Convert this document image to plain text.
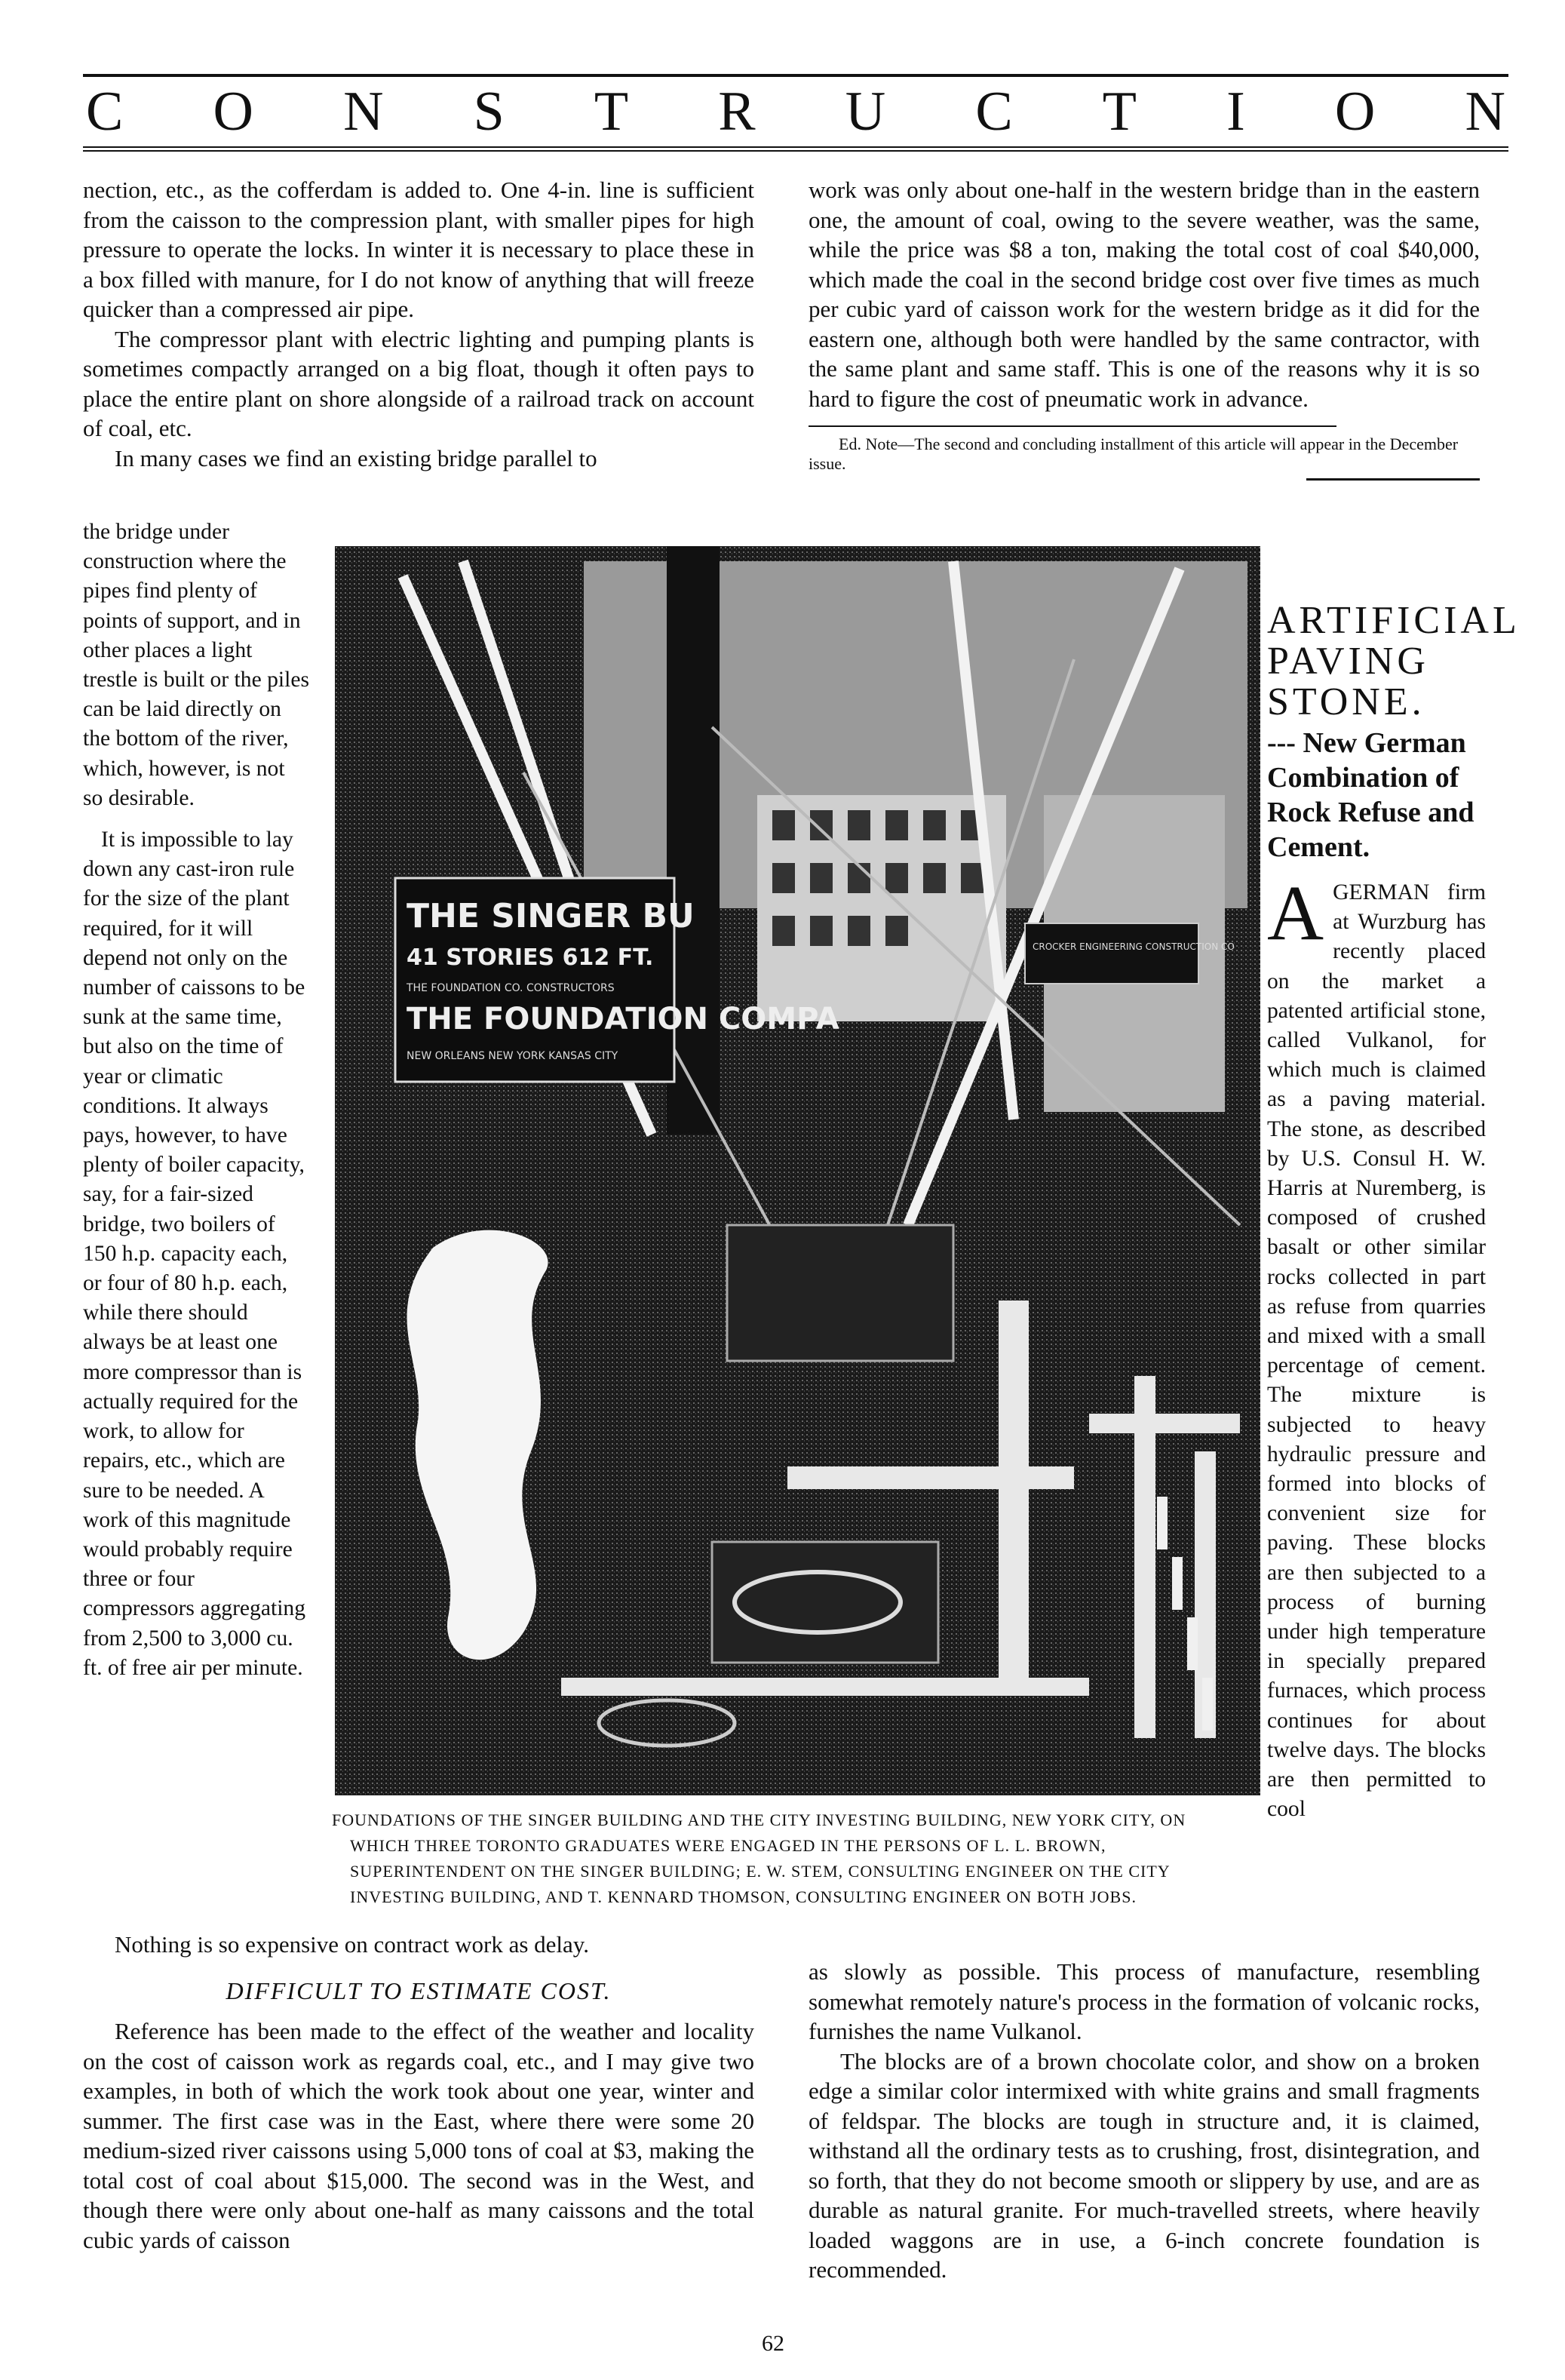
C O N S T R U C T I O N

nection, etc., as the cofferdam is added to. One 4-in. line is sufficient from the caisson to the compression plant, with smaller pipes for high pressure to operate the locks. In winter it is necessary to place these in a box filled with manure, for I do not know of anything that will freeze quicker than a compressed air pipe.

The compressor plant with electric lighting and pumping plants is sometimes compactly arranged on a big float, though it often pays to place the entire plant on shore alongside of a railroad track on account of coal, etc.

In many cases we find an existing bridge parallel to

the bridge under construction where the pipes find plenty of points of support, and in other places a light trestle is built or the piles can be laid directly on the bottom of the river, which, however, is not so desirable.

It is impossible to lay down any cast-iron rule for the size of the plant required, for it will depend not only on the number of caissons to be sunk at the same time, but also on the time of year or climatic conditions. It always pays, however, to have plenty of boiler capacity, say, for a fair-sized bridge, two boilers of 150 h.p. capacity each, or four of 80 h.p. each, while there should always be at least one more compressor than is actually required for the work, to allow for repairs, etc., which are sure to be needed. A work of this magnitude would probably require three or four compressors aggregating from 2,500 to 3,000 cu. ft. of free air per minute.

THE SINGER BU
41 STORIES 612 FT.
THE FOUNDATION CO. CONSTRUCTORS
THE FOUNDATION COMPA
NEW ORLEANS NEW YORK KANSAS CITY
CROCKER ENGINEERING CONSTRUCTION CO
FOUNDATIONS OF THE SINGER BUILDING AND THE CITY INVESTING BUILDING, NEW YORK CITY, ON WHICH THREE TORONTO GRADUATES WERE ENGAGED IN THE PERSONS OF L. L. BROWN, SUPERINTENDENT ON THE SINGER BUILDING; E. W. STEM, CONSULTING ENGINEER ON THE CITY INVESTING BUILDING, AND T. KENNARD THOMSON, CONSULTING ENGINEER ON BOTH JOBS.

Nothing is so expensive on contract work as delay.

DIFFICULT TO ESTIMATE COST.

Reference has been made to the effect of the weather and locality on the cost of caisson work as regards coal, etc., and I may give two examples, in both of which the work took about one year, winter and summer. The first case was in the East, where there were some 20 medium-sized river caissons using 5,000 tons of coal at $3, making the total cost of coal about $15,000. The second was in the West, and though there were only about one-half as many caissons and the total cubic yards of caisson

work was only about one-half in the western bridge than in the eastern one, the amount of coal, owing to the severe weather, was the same, while the price was $8 a ton, making the total cost of coal $40,000, which made the coal in the second bridge cost over five times as much per cubic yard of caisson work for the western bridge as it did for the eastern one, although both were handled by the same contractor, with the same plant and same staff. This is one of the reasons why it is so hard to figure the cost of pneumatic work in advance.

Ed. Note—The second and concluding installment of this article will appear in the December issue.
ARTIFICIAL PAVING STONE.
--- New German Combination of Rock Refuse and Cement.
A GERMAN firm at Wurzburg has recently placed on the market a patented artificial stone, called Vulkanol, for which much is claimed as a paving material. The stone, as described by U.S. Consul H. W. Harris at Nuremberg, is composed of crushed basalt or other similar rocks collected in part as refuse from quarries and mixed with a small percentage of cement. The mixture is subjected to heavy hydraulic pressure and formed into blocks of convenient size for paving. These blocks are then subjected to a process of burning under high temperature in specially prepared furnaces, which process continues for about twelve days. The blocks are then permitted to cool

as slowly as possible. This process of manufacture, resembling somewhat remotely nature's process in the formation of volcanic rocks, furnishes the name Vulkanol.

The blocks are of a brown chocolate color, and show on a broken edge a similar color intermixed with white grains and small fragments of feldspar. The blocks are tough in structure and, it is claimed, withstand all the ordinary tests as to crushing, frost, disintegration, and so forth, that they do not become smooth or slippery by use, and are as durable as natural granite. For much-travelled streets, where heavily loaded waggons are in use, a 6-inch concrete foundation is recommended.

62
